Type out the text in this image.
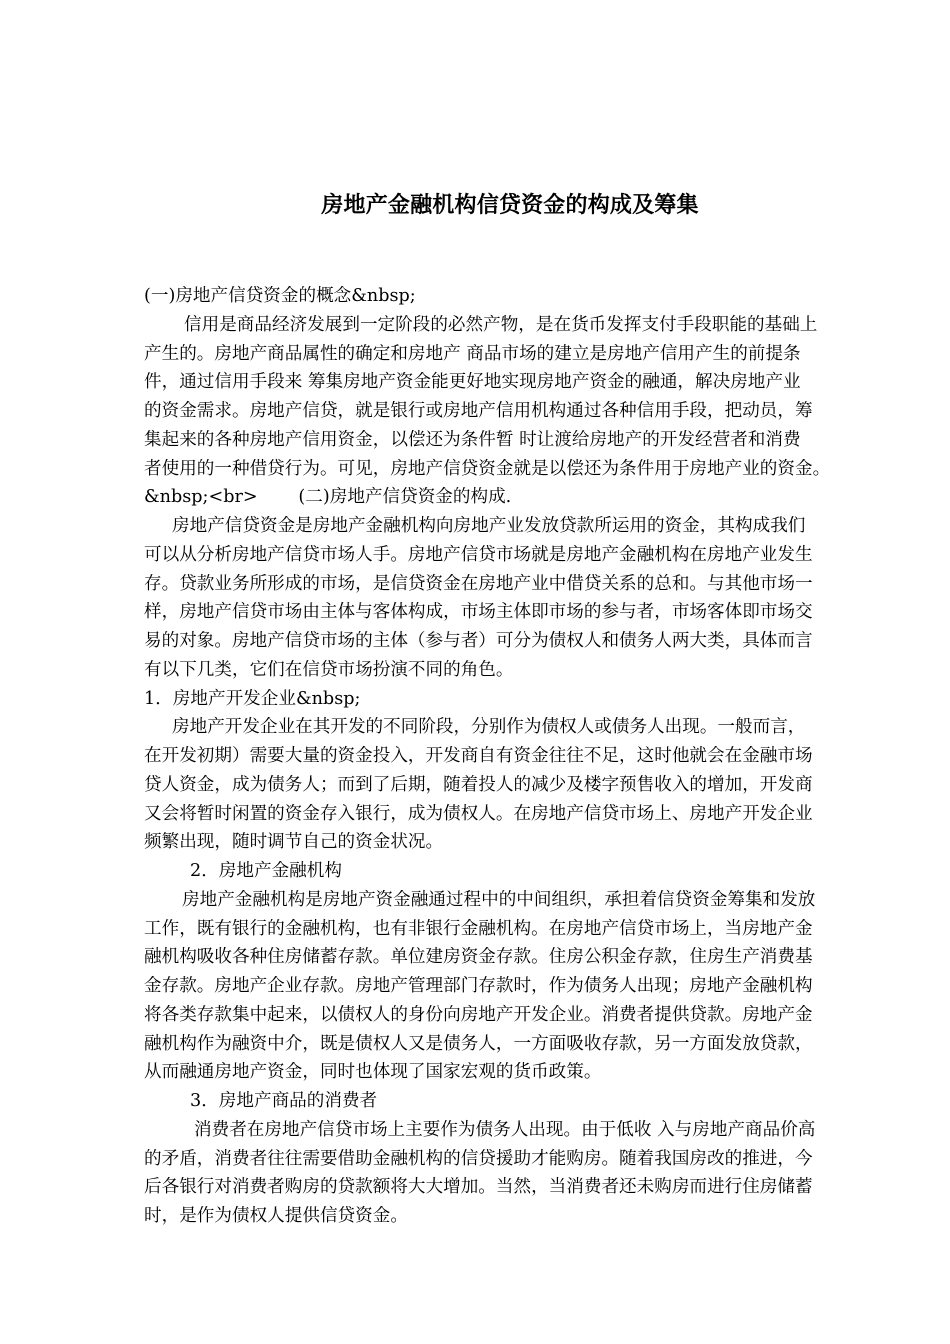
房地产金融机构信贷资金的构成及筹集
(一)房地产信贷资金的概念&nbsp;
信用是商品经济发展到一定阶段的必然产物，是在货币发挥支付手段职能的基础上
产生的。房地产商品属性的确定和房地产 商品市场的建立是房地产信用产生的前提条
件，通过信用手段来 筹集房地产资金能更好地实现房地产资金的融通，解决房地产业
的资金需求。房地产信贷，就是银行或房地产信用机构通过各种信用手段，把动员，筹
集起来的各种房地产信用资金，以偿还为条件暂 时让渡给房地产的开发经营者和消费
者使用的一种借贷行为。可见，房地产信贷资金就是以偿还为条件用于房地产业的资金。
&nbsp;<br>　　 (二)房地产信贷资金的构成.
房地产信贷资金是房地产金融机构向房地产业发放贷款所运用的资金，其构成我们
可以从分析房地产信贷市场人手。房地产信贷市场就是房地产金融机构在房地产业发生
存。贷款业务所形成的市场，是信贷资金在房地产业中借贷关系的总和。与其他市场一
样，房地产信贷市场由主体与客体构成，市场主体即市场的参与者，市场客体即市场交
易的对象。房地产信贷市场的主体（参与者）可分为债权人和债务人两大类，具体而言
有以下几类，它们在信贷市场扮演不同的角色。
1．房地产开发企业&nbsp;
房地产开发企业在其开发的不同阶段，分别作为债权人或债务人出现。一般而言，
在开发初期）需要大量的资金投入，开发商自有资金往往不足，这时他就会在金融市场
贷人资金，成为债务人；而到了后期，随着投人的减少及楼字预售收入的增加，开发商
又会将暂时闲置的资金存入银行，成为债权人。在房地产信贷市场上、房地产开发企业
频繁出现，随时调节自己的资金状况。
2．房地产金融机构
房地产金融机构是房地产资金融通过程中的中间组织，承担着信贷资金筹集和发放
工作，既有银行的金融机构，也有非银行金融机构。在房地产信贷市场上，当房地产金
融机构吸收各种住房储蓄存款。单位建房资金存款。住房公积金存款，住房生产消费基
金存款。房地产企业存款。房地产管理部门存款时，作为债务人出现；房地产金融机构
将各类存款集中起来，以债权人的身份向房地产开发企业。消费者提供贷款。房地产金
融机构作为融资中介，既是债权人又是债务人，一方面吸收存款，另一方面发放贷款，
从而融通房地产资金，同时也体现了国家宏观的货币政策。
3．房地产商品的消费者
消费者在房地产信贷市场上主要作为债务人出现。由于低收 入与房地产商品价高
的矛盾，消费者往往需要借助金融机构的信贷援助才能购房。随着我国房改的推进，今
后各银行对消费者购房的贷款额将大大增加。当然，当消费者还未购房而进行住房储蓄
时，是作为债权人提供信贷资金。
